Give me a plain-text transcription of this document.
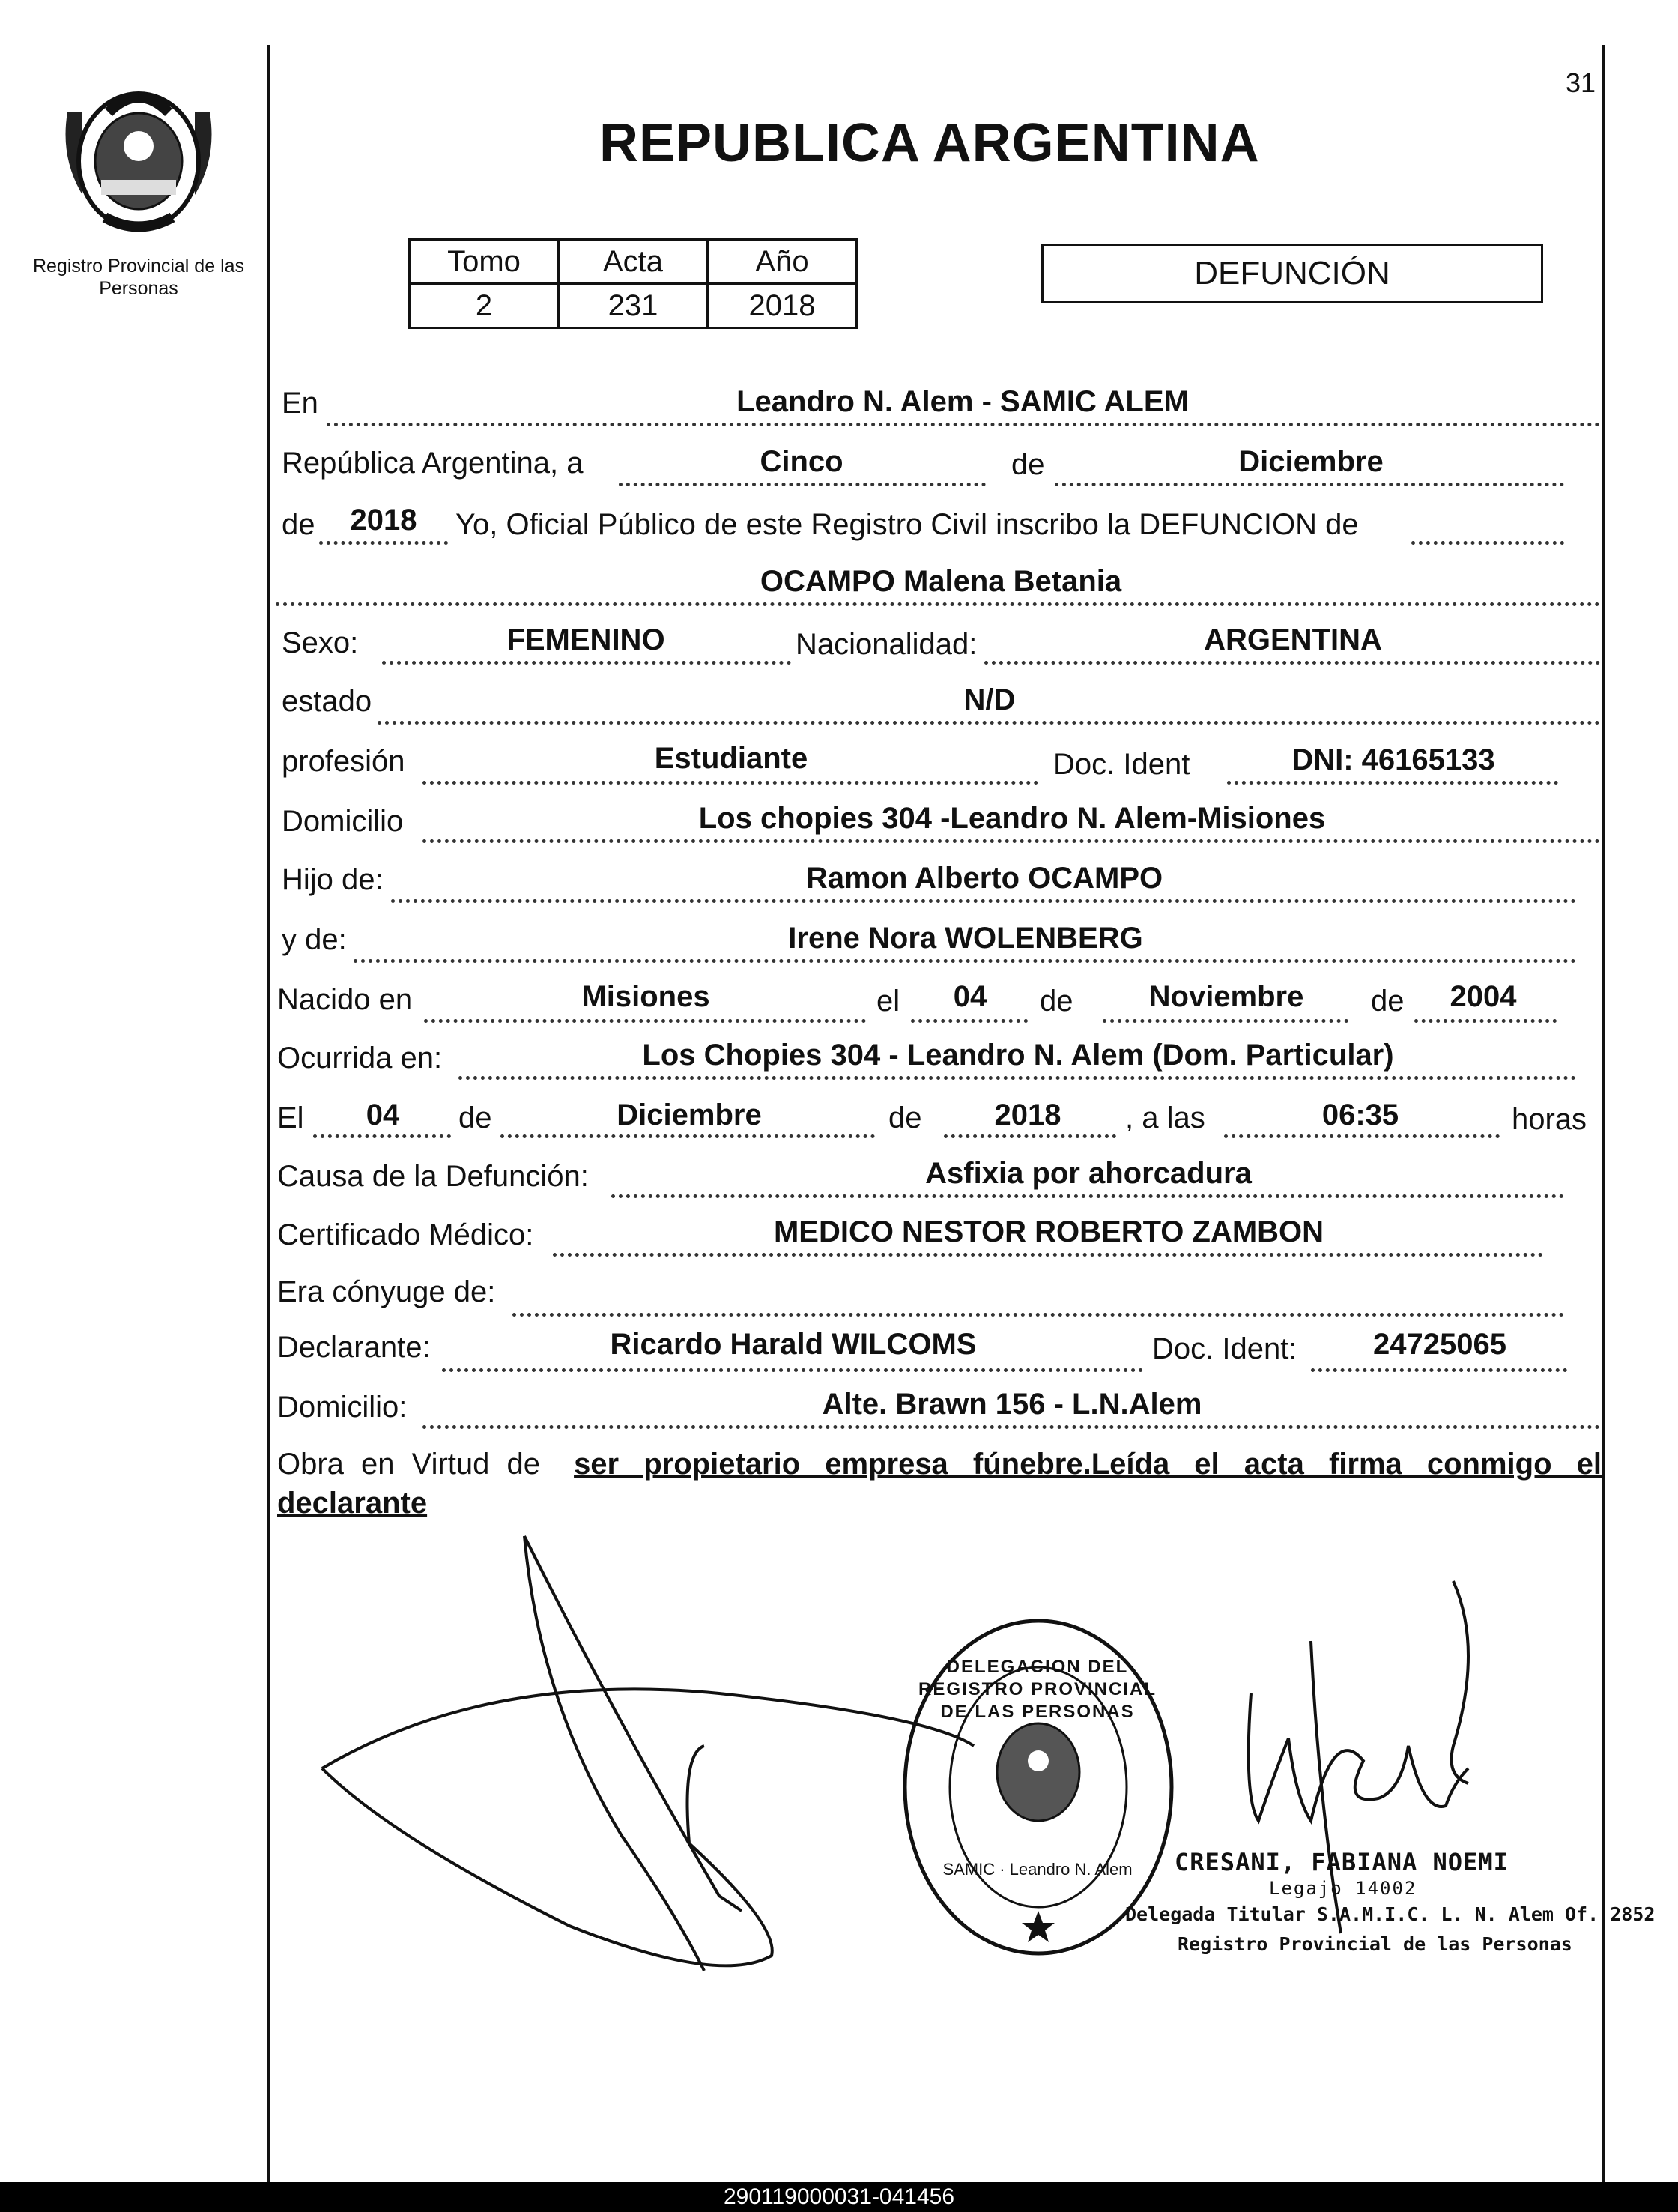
Registro Provincial de las Personas
31
REPUBLICA ARGENTINA
Tomo	Acta	Año
2	231	2018
DEFUNCIÓN
En	Leandro N. Alem - SAMIC ALEM
República Argentina, a	Cinco	de	Diciembre
de	2018	Yo, Oficial Público de este Registro Civil inscribo la DEFUNCION de
OCAMPO Malena Betania
Sexo:	FEMENINO	Nacionalidad:	ARGENTINA
estado	N/D
profesión	Estudiante	Doc. Ident	DNI: 46165133
Domicilio	Los chopies 304 -Leandro N. Alem-Misiones
Hijo de:	Ramon Alberto OCAMPO
y de:	Irene Nora WOLENBERG
Nacido en	Misiones	el	04	de	Noviembre	de	2004
Ocurrida en:	Los Chopies 304 - Leandro N. Alem (Dom. Particular)
El	04	de	Diciembre	de	2018	, a las	06:35	horas
Causa de la Defunción:	Asfixia por ahorcadura
Certificado Médico:	MEDICO NESTOR ROBERTO ZAMBON
Era cónyuge de:
Declarante:	Ricardo Harald WILCOMS	Doc. Ident:	24725065
Domicilio:	Alte. Brawn 156 - L.N.Alem
Obra en Virtud de ser propietario empresa fúnebre.Leída el acta firma conmigo el
declarante
DELEGACION DEL REGISTRO PROVINCIAL DE LAS PERSONAS
SAMIC · Leandro N. Alem	CRESANI, FABIANA NOEMI
Legajo 14002
Delegada Titular S.A.M.I.C. L. N. Alem Of. 2852
Registro Provincial de las Personas
290119000031-041456
